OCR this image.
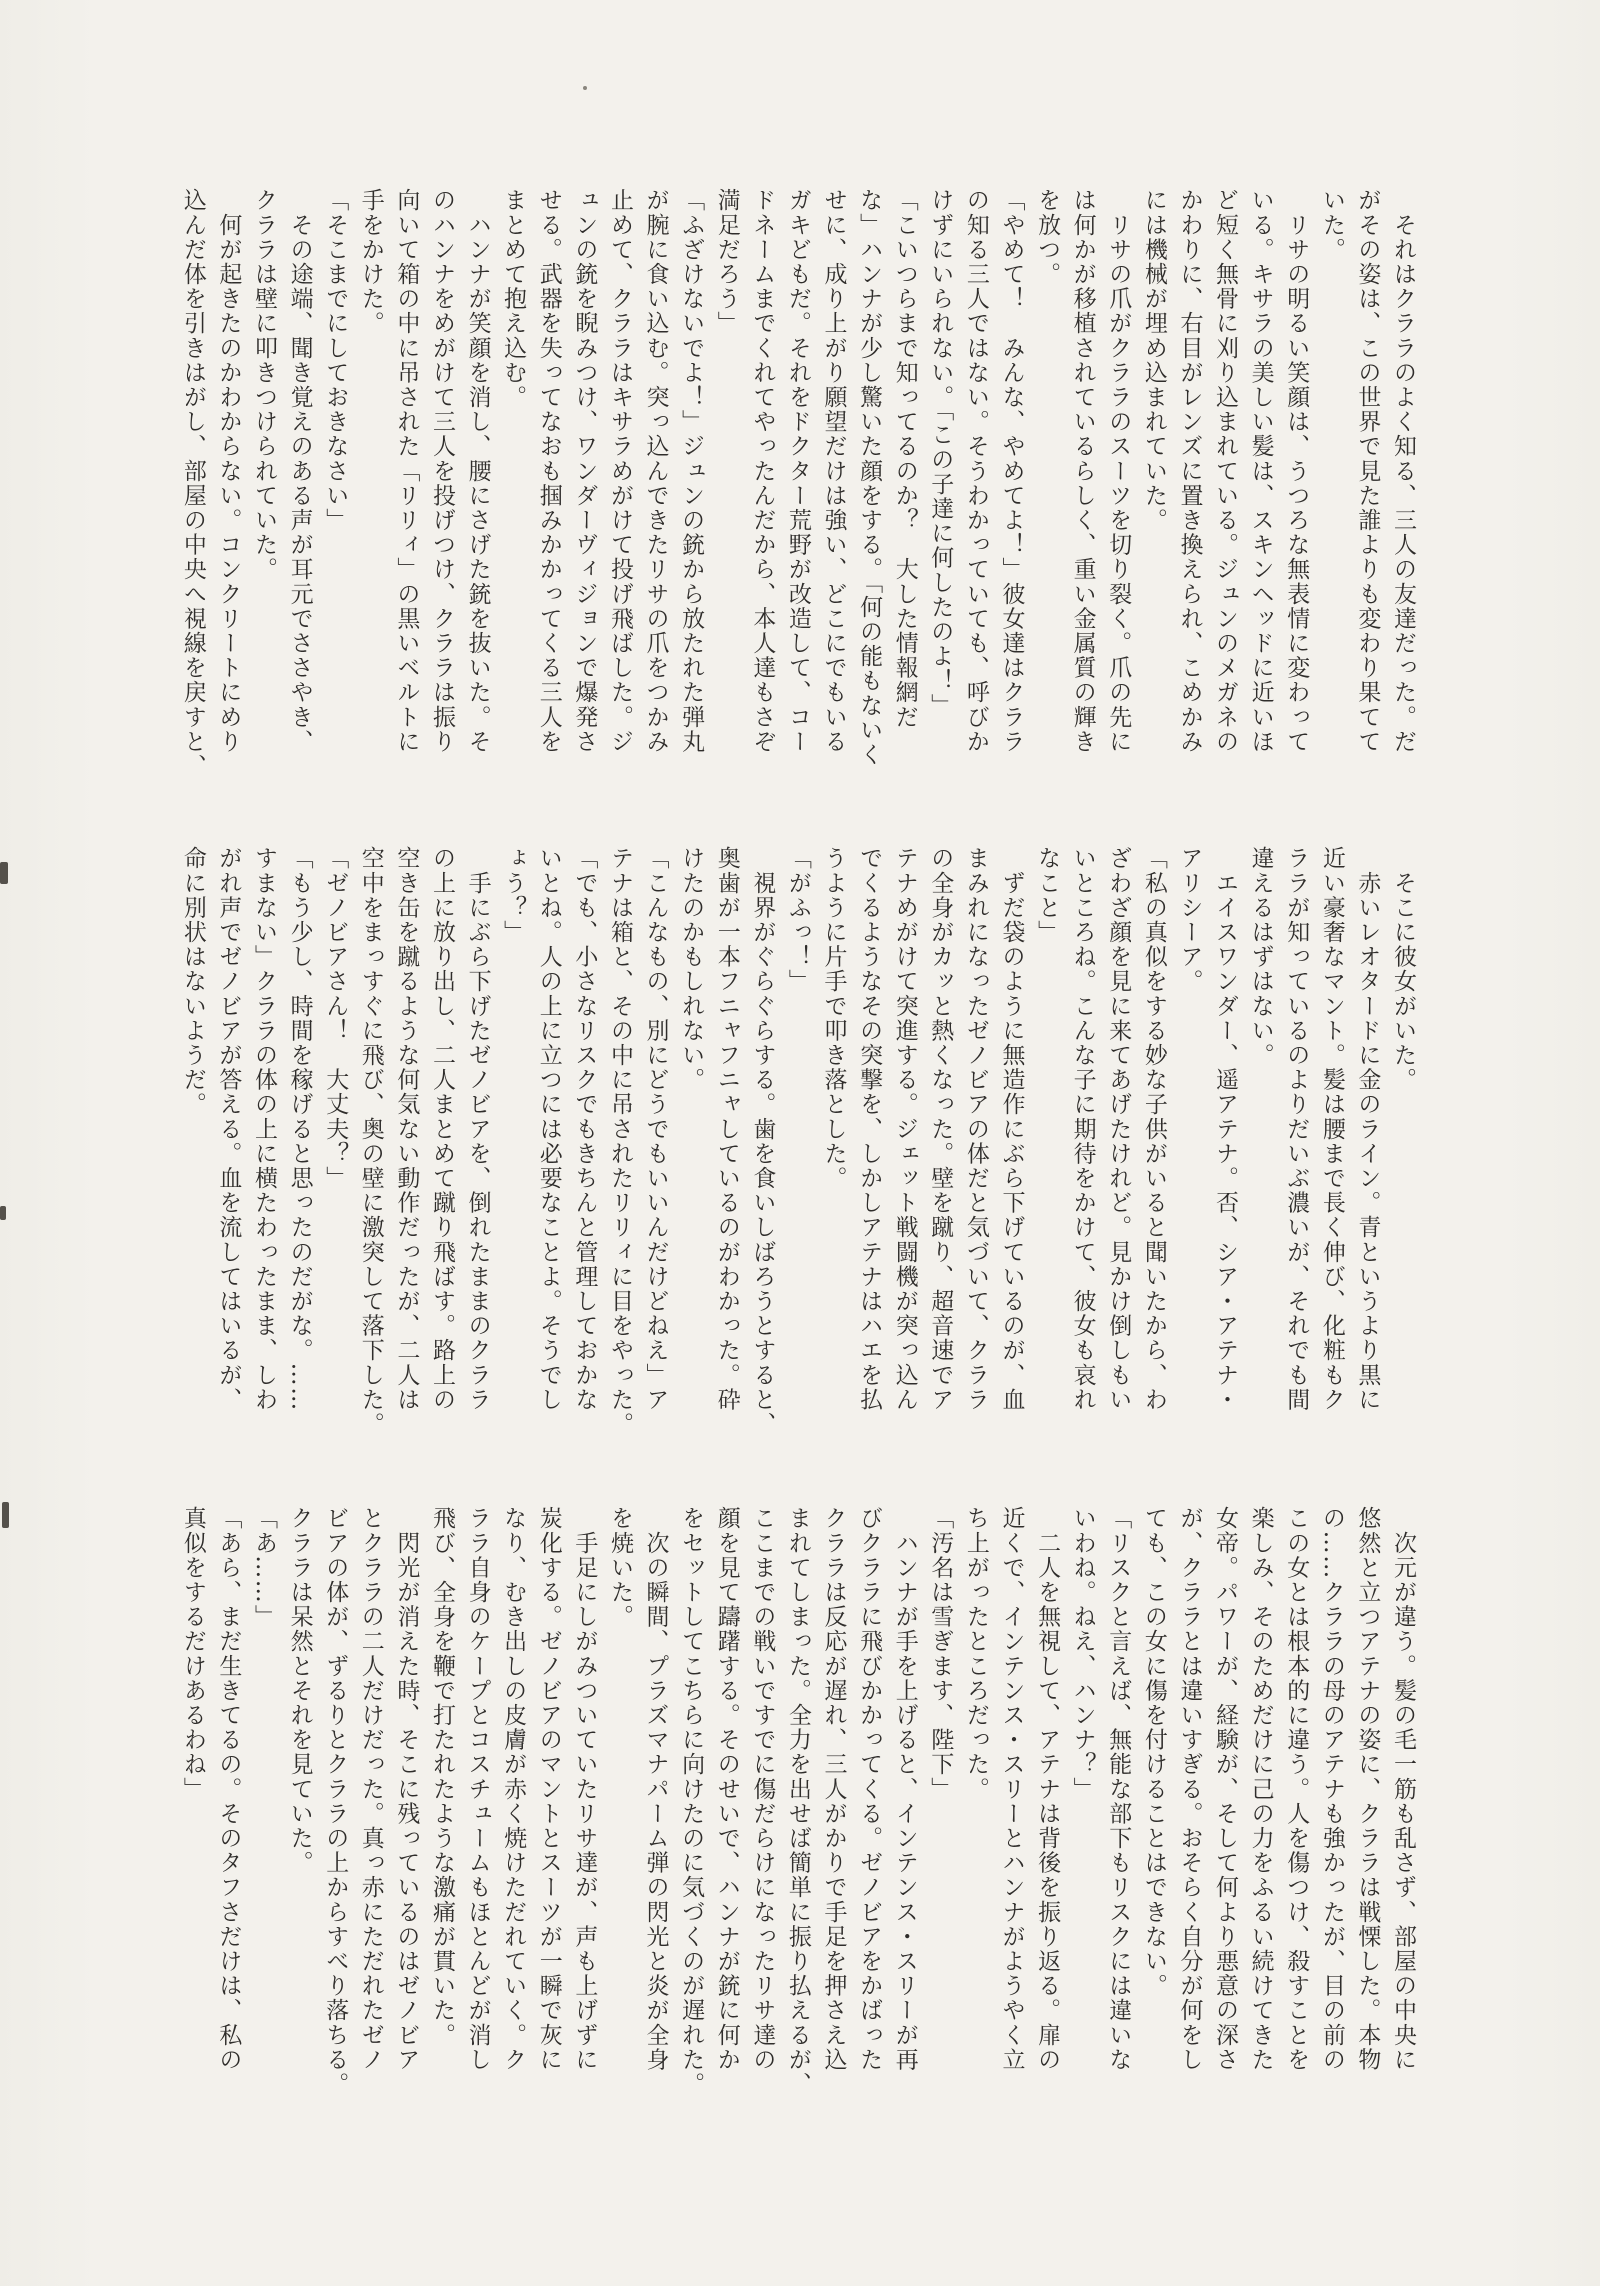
　それはクララのよく知る、三人の友達だった。だ

がその姿は、この世界で見た誰よりも変わり果てて

いた。

　リサの明るい笑顔は、うつろな無表情に変わって

いる。キサラの美しい髪は、スキンヘッドに近いほ

ど短く無骨に刈り込まれている。ジュンのメガネの

かわりに、右目がレンズに置き換えられ、こめかみ

には機械が埋め込まれていた。

　リサの爪がクララのスーツを切り裂く。爪の先に

は何かが移植されているらしく、重い金属質の輝き

を放つ。

「やめて！　みんな、やめてよ！」彼女達はクララ

の知る三人ではない。そうわかっていても、呼びか

けずにいられない。「この子達に何したのよ！」

「こいつらまで知ってるのか？　大した情報網だ

な」ハンナが少し驚いた顔をする。「何の能もないく

せに、成り上がり願望だけは強い、どこにでもいる

ガキどもだ。それをドクター荒野が改造して、コー

ドネームまでくれてやったんだから、本人達もさぞ

満足だろう」

「ふざけないでよ！」ジュンの銃から放たれた弾丸

が腕に食い込む。突っ込んできたリサの爪をつかみ

止めて、クララはキサラめがけて投げ飛ばした。ジ

ュンの銃を睨みつけ、ワンダーヴィジョンで爆発さ

せる。武器を失ってなおも掴みかかってくる三人を

まとめて抱え込む。

　ハンナが笑顔を消し、腰にさげた銃を抜いた。そ

のハンナをめがけて三人を投げつけ、クララは振り

向いて箱の中に吊された「リリィ」の黒いベルトに

手をかけた。

「そこまでにしておきなさい」

　その途端、聞き覚えのある声が耳元でささやき、

クララは壁に叩きつけられていた。

　何が起きたのかわからない。コンクリートにめり

込んだ体を引きはがし、部屋の中央へ視線を戻すと、

　そこに彼女がいた。

　赤いレオタードに金のライン。青というより黒に

近い豪奢なマント。髪は腰まで長く伸び、化粧もク

ララが知っているのよりだいぶ濃いが、それでも間

違えるはずはない。

　エイスワンダー、遥アテナ。否、シア・アテナ・

アリシーア。

「私の真似をする妙な子供がいると聞いたから、わ

ざわざ顔を見に来てあげたけれど。見かけ倒しもい

いところね。こんな子に期待をかけて、彼女も哀れ

なこと」

　ずだ袋のように無造作にぶら下げているのが、血

まみれになったゼノビアの体だと気づいて、クララ

の全身がカッと熱くなった。壁を蹴り、超音速でア

テナめがけて突進する。ジェット戦闘機が突っ込ん

でくるようなその突撃を、しかしアテナはハエを払

うように片手で叩き落とした。

「がふっ！」

　視界がぐらぐらする。歯を食いしばろうとすると、

奥歯が一本フニャフニャしているのがわかった。砕

けたのかもしれない。

「こんなもの、別にどうでもいいんだけどねえ」ア

テナは箱と、その中に吊されたリリィに目をやった。

「でも、小さなリスクでもきちんと管理しておかな

いとね。人の上に立つには必要なことよ。そうでし

ょう？」

　手にぶら下げたゼノビアを、倒れたままのクララ

の上に放り出し、二人まとめて蹴り飛ばす。路上の

空き缶を蹴るような何気ない動作だったが、二人は

空中をまっすぐに飛び、奥の壁に激突して落下した。

「ゼノビアさん！　大丈夫？」

「もう少し、時間を稼げると思ったのだがな。……

すまない」クララの体の上に横たわったまま、しわ

がれ声でゼノビアが答える。血を流してはいるが、

命に別状はないようだ。

　次元が違う。髪の毛一筋も乱さず、部屋の中央に

悠然と立つアテナの姿に、クララは戦慄した。本物

の……クララの母のアテナも強かったが、目の前の

この女とは根本的に違う。人を傷つけ、殺すことを

楽しみ、そのためだけに己の力をふるい続けてきた

女帝。パワーが、経験が、そして何より悪意の深さ

が、クララとは違いすぎる。おそらく自分が何をし

ても、この女に傷を付けることはできない。

「リスクと言えば、無能な部下もリスクには違いな

いわね。ねえ、ハンナ？」

　二人を無視して、アテナは背後を振り返る。扉の

近くで、インテンス・スリーとハンナがようやく立

ち上がったところだった。

「汚名は雪ぎます、陛下」

　ハンナが手を上げると、インテンス・スリーが再

びクララに飛びかかってくる。ゼノビアをかばった

クララは反応が遅れ、三人がかりで手足を押さえ込

まれてしまった。全力を出せば簡単に振り払えるが、

ここまでの戦いですでに傷だらけになったリサ達の

顔を見て躊躇する。そのせいで、ハンナが銃に何か

をセットしてこちらに向けたのに気づくのが遅れた。

　次の瞬間、プラズマナパーム弾の閃光と炎が全身

を焼いた。

　手足にしがみついていたリサ達が、声も上げずに

炭化する。ゼノビアのマントとスーツが一瞬で灰に

なり、むき出しの皮膚が赤く焼けただれていく。ク

ララ自身のケープとコスチュームもほとんどが消し

飛び、全身を鞭で打たれたような激痛が貫いた。

　閃光が消えた時、そこに残っているのはゼノビア

とクララの二人だけだった。真っ赤にただれたゼノ

ビアの体が、ずるりとクララの上からすべり落ちる。

クララは呆然とそれを見ていた。

「あ……」

「あら、まだ生きてるの。そのタフさだけは、私の

真似をするだけあるわね」
